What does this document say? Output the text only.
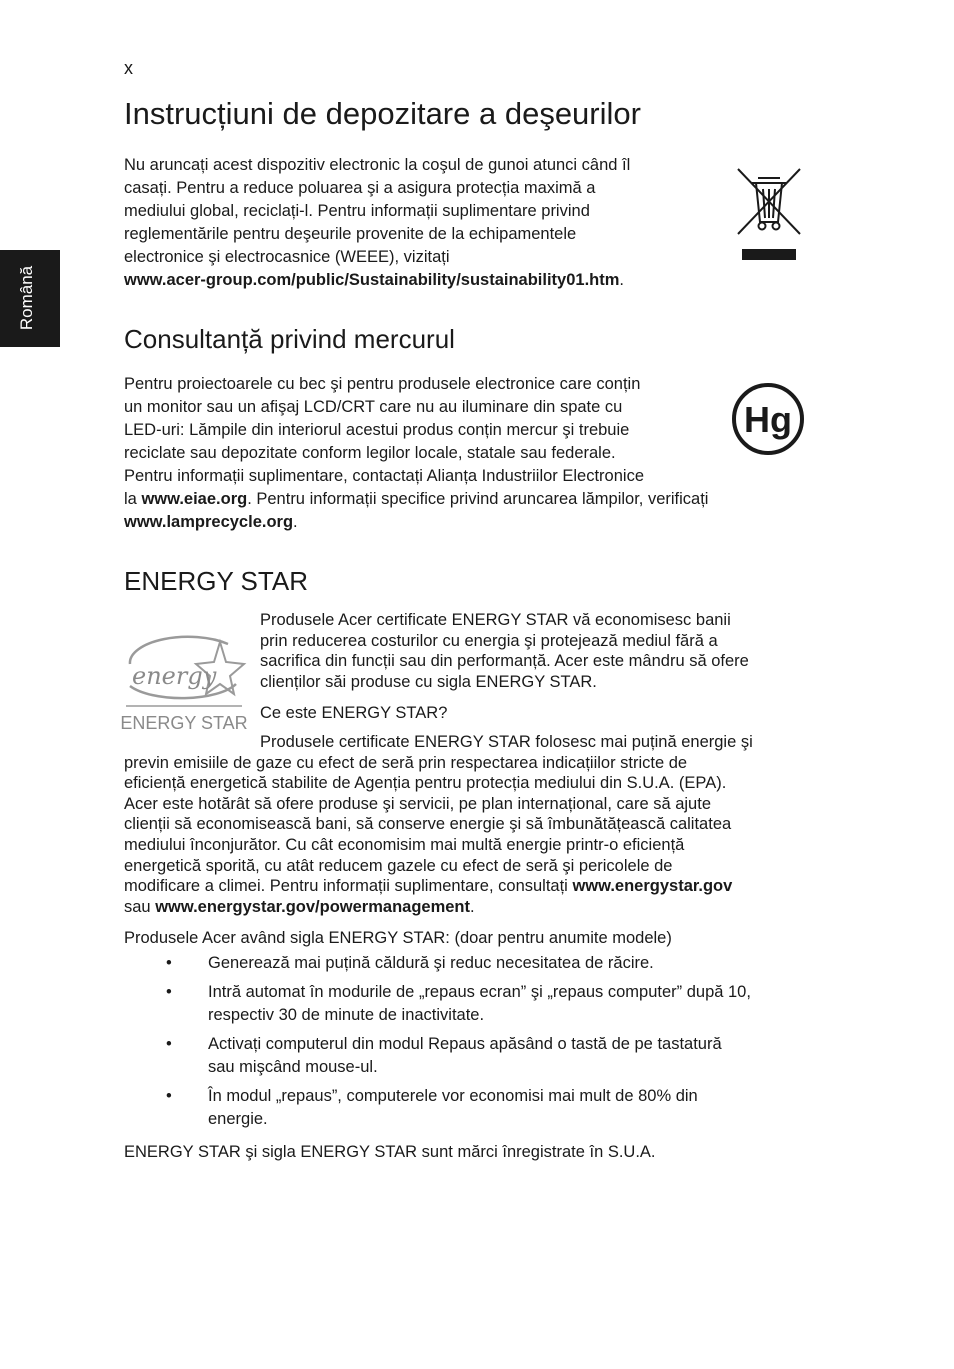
x
Română
Instrucțiuni de depozitare a deşeurilor

Nu aruncați acest dispozitiv electronic la coşul de gunoi atunci când îl
casați. Pentru a reduce poluarea şi a asigura protecția maximă a
mediului global, reciclați-l. Pentru informații suplimentare privind
reglementările pentru deşeurile provenite de la echipamentele
electronice şi electrocasnice (WEEE), vizitați
www.acer-group.com/public/Sustainability/sustainability01.htm.

Consultanță privind mercurul

Pentru proiectoarele cu bec şi pentru produsele electronice care conțin
un monitor sau un afişaj LCD/CRT care nu au iluminare din spate cu
LED-uri: Lămpile din interiorul acestui produs conțin mercur şi trebuie
reciclate sau depozitate conform legilor locale, statale sau federale.
Pentru informații suplimentare, contactați Alianța Industriilor Electronice
la www.eiae.org. Pentru informații specifice privind aruncarea lămpilor, verificați
www.lamprecycle.org.

Hg
ENERGY STAR
energy
ENERGY STAR

Produsele Acer certificate ENERGY STAR vă economisesc banii
prin reducerea costurilor cu energia şi protejează mediul fără a
sacrifica din funcții sau din performanță. Acer este mândru să ofere
clienților săi produse cu sigla ENERGY STAR.

Ce este ENERGY STAR?

Produsele certificate ENERGY STAR folosesc mai puțină energie şi
previn emisiile de gaze cu efect de seră prin respectarea indicațiilor stricte de
eficiență energetică stabilite de Agenția pentru protecția mediului din S.U.A. (EPA).
Acer este hotărât să ofere produse şi servicii, pe plan internațional, care să ajute
clienții să economisească bani, să conserve energie şi să îmbunătățească calitatea
mediului înconjurător. Cu cât economisim mai multă energie printr-o eficiență
energetică sporită, cu atât reducem gazele cu efect de seră şi pericolele de
modificare a climei. Pentru informații suplimentare, consultați www.energystar.gov
sau www.energystar.gov/powermanagement.

Produsele Acer având sigla ENERGY STAR: (doar pentru anumite modele)

• Generează mai puțină căldură şi reduc necesitatea de răcire.
• Intră automat în modurile de „repaus ecran” şi „repaus computer” după 10,
respectiv 30 de minute de inactivitate.
• Activați computerul din modul Repaus apăsând o tastă de pe tastatură
sau mişcând mouse-ul.
• În modul „repaus”, computerele vor economisi mai mult de 80% din
energie.

ENERGY STAR şi sigla ENERGY STAR sunt mărci înregistrate în S.U.A.
